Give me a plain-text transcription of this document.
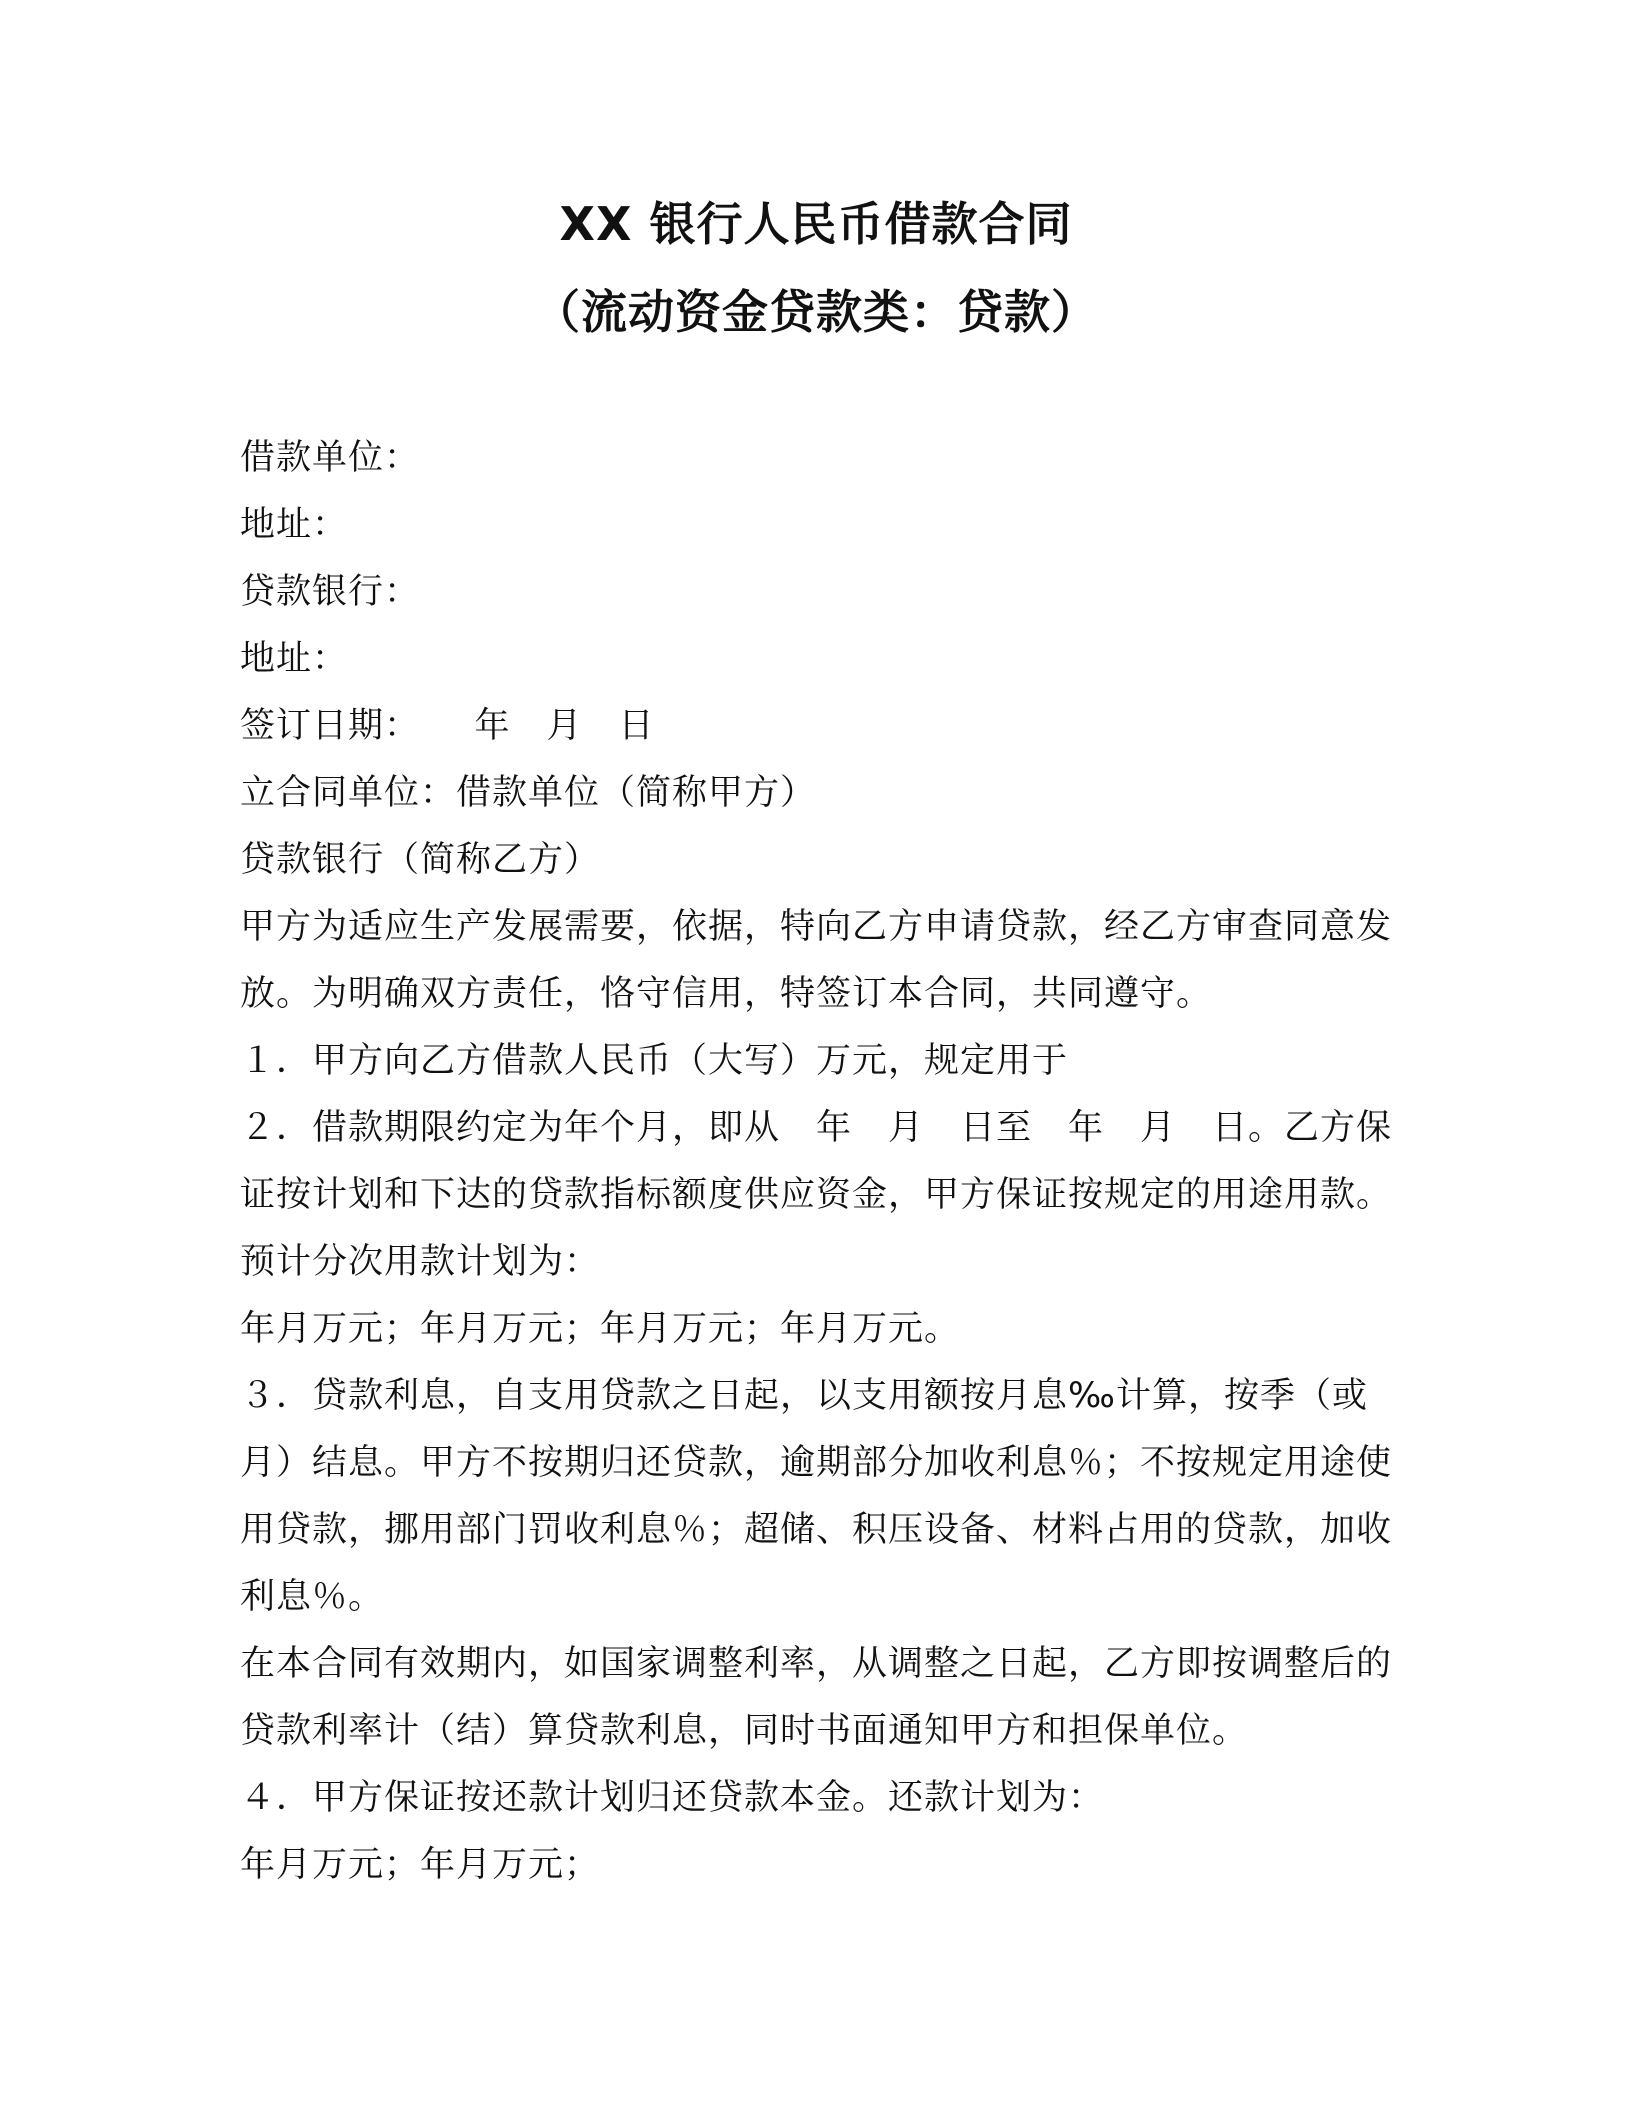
XX 银行人民币借款合同
（流动资金贷款类：贷款）

借款单位：

地址：

贷款银行：

地址：

签订日期：　　年　月　日

立合同单位：借款单位（简称甲方）

贷款银行（简称乙方）

甲方为适应生产发展需要，依据，特向乙方申请贷款，经乙方审查同意发放。为明确双方责任，恪守信用，特签订本合同，共同遵守。

１．甲方向乙方借款人民币（大写）万元，规定用于

２．借款期限约定为年个月，即从　年　月　日至　年　月　日。乙方保证按计划和下达的贷款指标额度供应资金，甲方保证按规定的用途用款。预计分次用款计划为：

年月万元；年月万元；年月万元；年月万元。

３．贷款利息，自支用贷款之日起，以支用额按月息‰计算，按季（或月）结息。甲方不按期归还贷款，逾期部分加收利息％；不按规定用途使用贷款，挪用部门罚收利息％；超储、积压设备、材料占用的贷款，加收利息％。

在本合同有效期内，如国家调整利率，从调整之日起，乙方即按调整后的贷款利率计（结）算贷款利息，同时书面通知甲方和担保单位。

４．甲方保证按还款计划归还贷款本金。还款计划为：

年月万元；年月万元；
